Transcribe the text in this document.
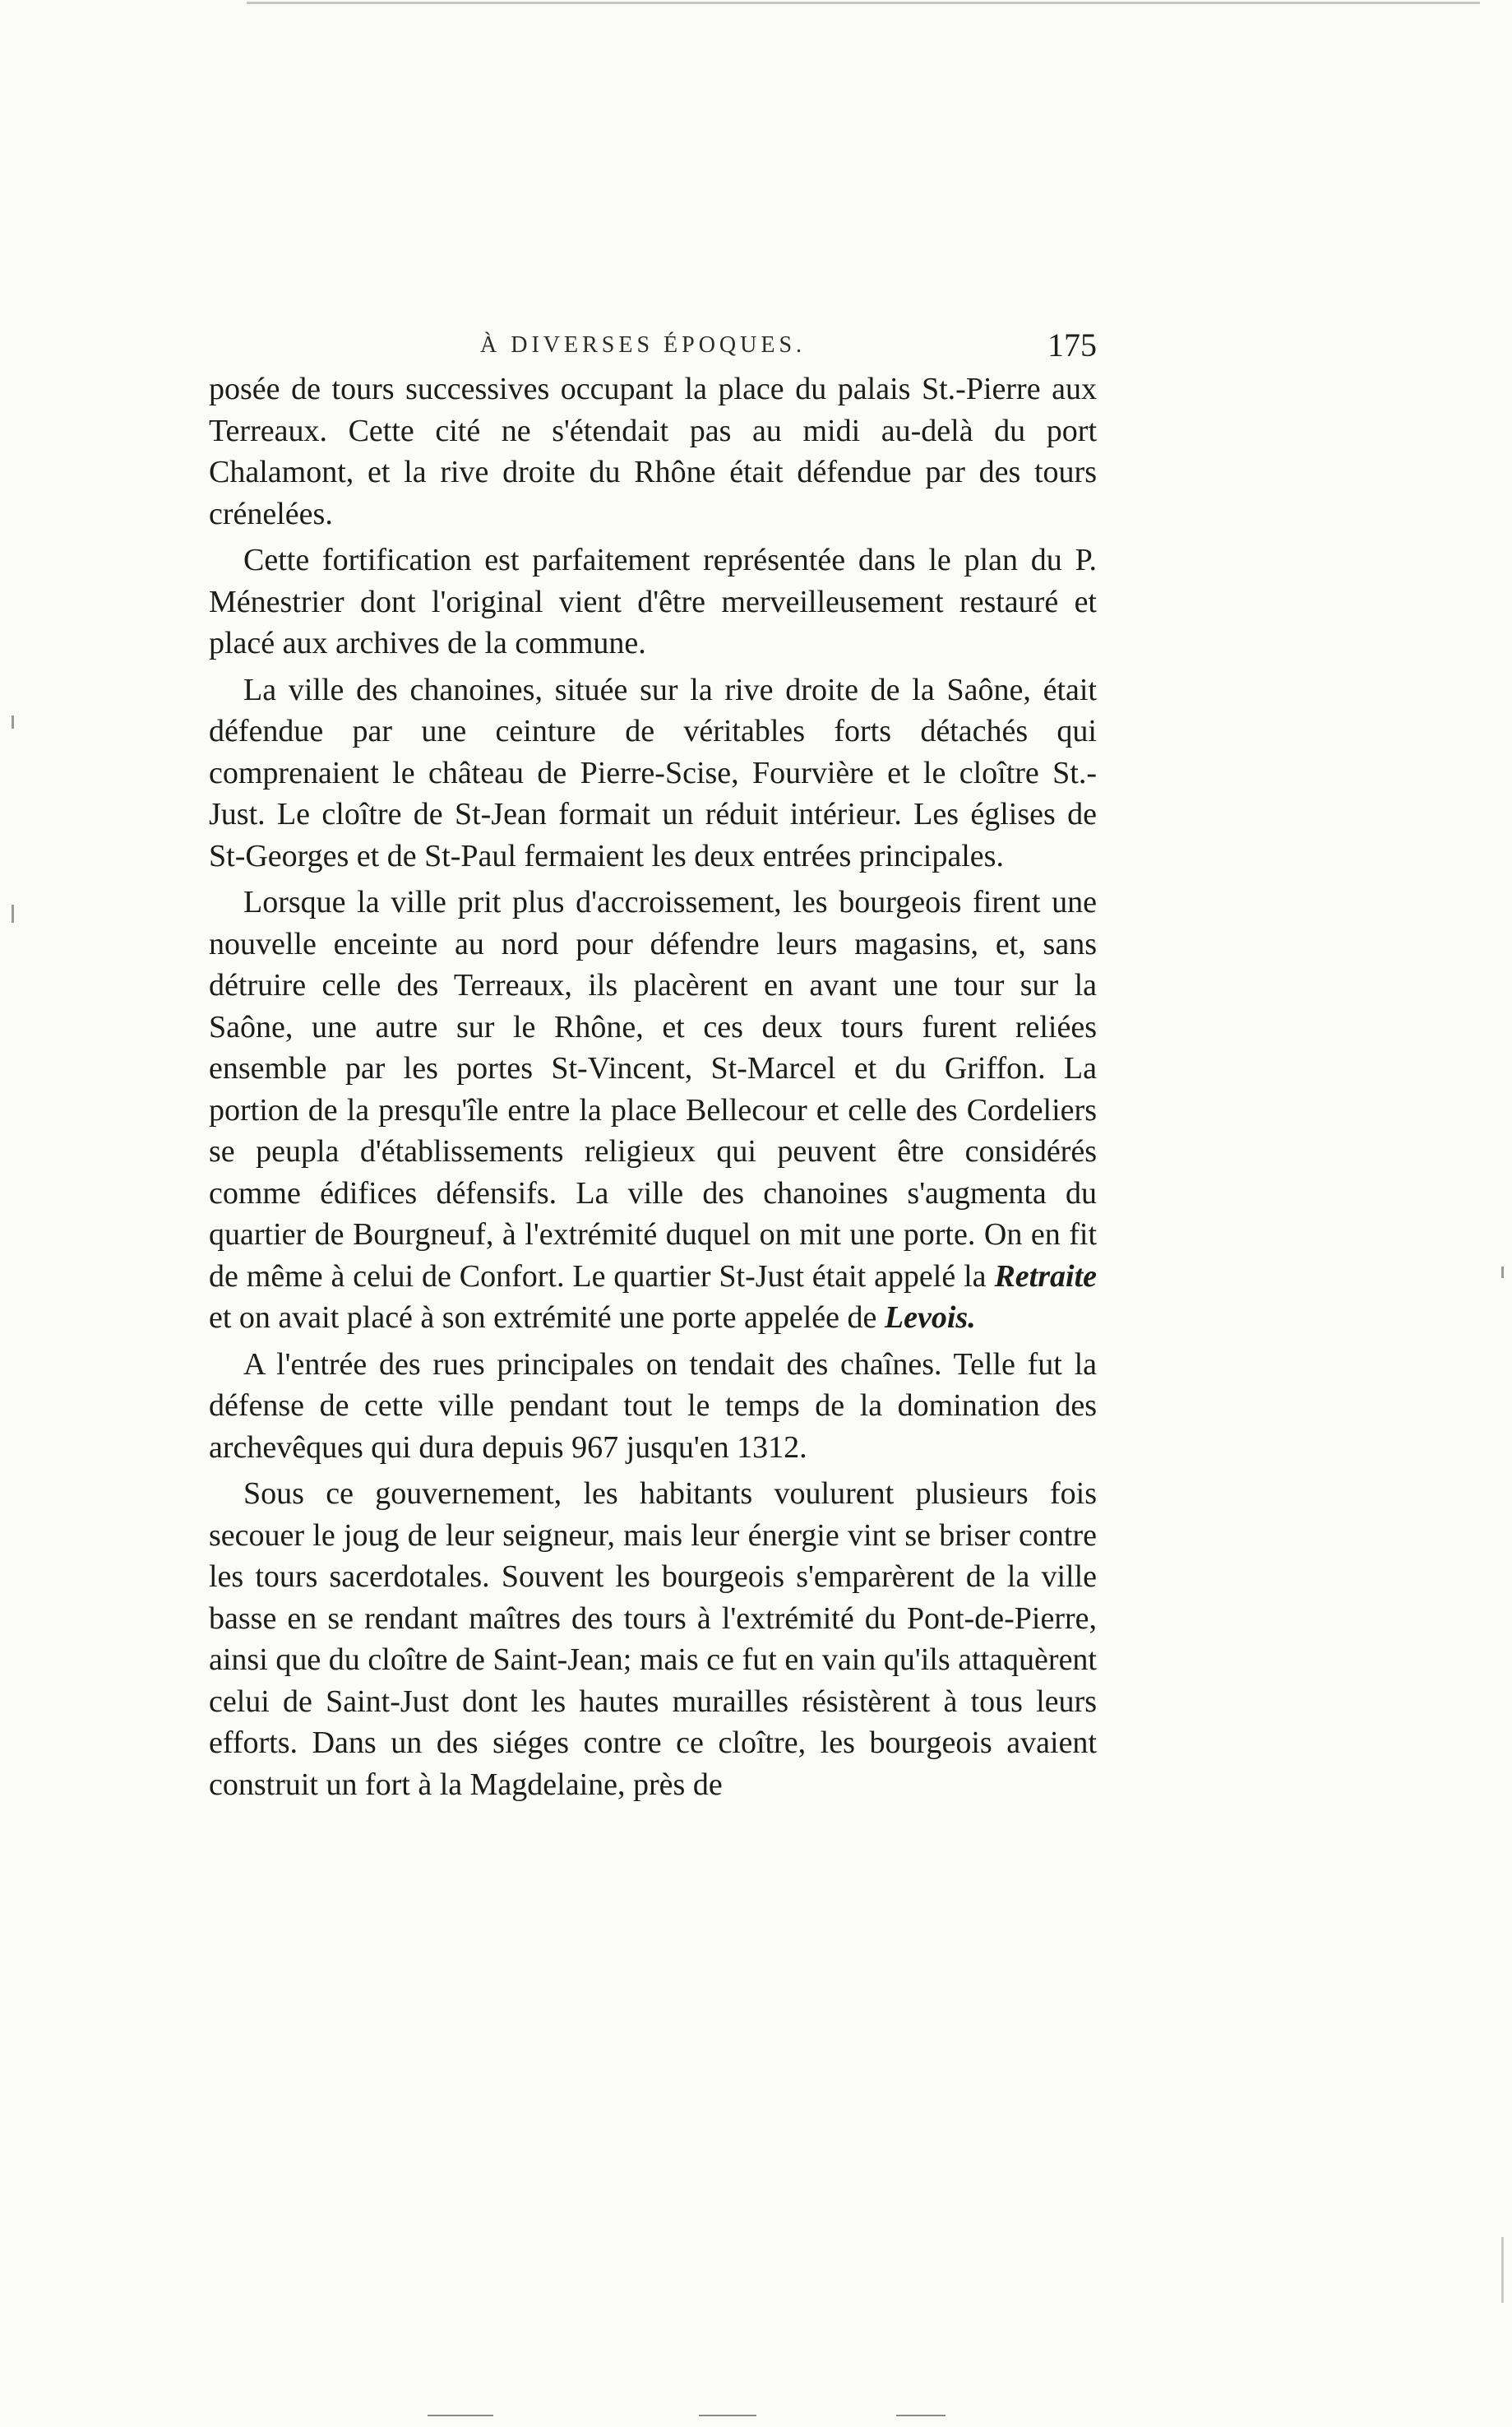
À DIVERSES ÉPOQUES.	175

posée de tours successives occupant la place du palais St.-Pierre aux Terreaux. Cette cité ne s'étendait pas au midi au-delà du port Chalamont, et la rive droite du Rhône était défendue par des tours crénelées.

Cette fortification est parfaitement représentée dans le plan du P. Ménestrier dont l'original vient d'être merveilleusement restauré et placé aux archives de la commune.

La ville des chanoines, située sur la rive droite de la Saône, était défendue par une ceinture de véritables forts détachés qui comprenaient le château de Pierre-Scise, Fourvière et le cloître St.-Just. Le cloître de St-Jean formait un réduit intérieur. Les églises de St-Georges et de St-Paul fermaient les deux entrées principales.

Lorsque la ville prit plus d'accroissement, les bourgeois firent une nouvelle enceinte au nord pour défendre leurs magasins, et, sans détruire celle des Terreaux, ils placèrent en avant une tour sur la Saône, une autre sur le Rhône, et ces deux tours furent reliées ensemble par les portes St-Vincent, St-Marcel et du Griffon. La portion de la presqu'île entre la place Bellecour et celle des Cordeliers se peupla d'établissements religieux qui peuvent être considérés comme édifices défensifs. La ville des chanoines s'augmenta du quartier de Bourgneuf, à l'extrémité duquel on mit une porte. On en fit de même à celui de Confort. Le quartier St-Just était appelé la Retraite et on avait placé à son extrémité une porte appelée de Levois.

A l'entrée des rues principales on tendait des chaînes. Telle fut la défense de cette ville pendant tout le temps de la domination des archevêques qui dura depuis 967 jusqu'en 1312.

Sous ce gouvernement, les habitants voulurent plusieurs fois secouer le joug de leur seigneur, mais leur énergie vint se briser contre les tours sacerdotales. Souvent les bourgeois s'emparèrent de la ville basse en se rendant maîtres des tours à l'extrémité du Pont-de-Pierre, ainsi que du cloître de Saint-Jean; mais ce fut en vain qu'ils attaquèrent celui de Saint-Just dont les hautes murailles résistèrent à tous leurs efforts. Dans un des siéges contre ce cloître, les bourgeois avaient construit un fort à la Magdelaine, près de
